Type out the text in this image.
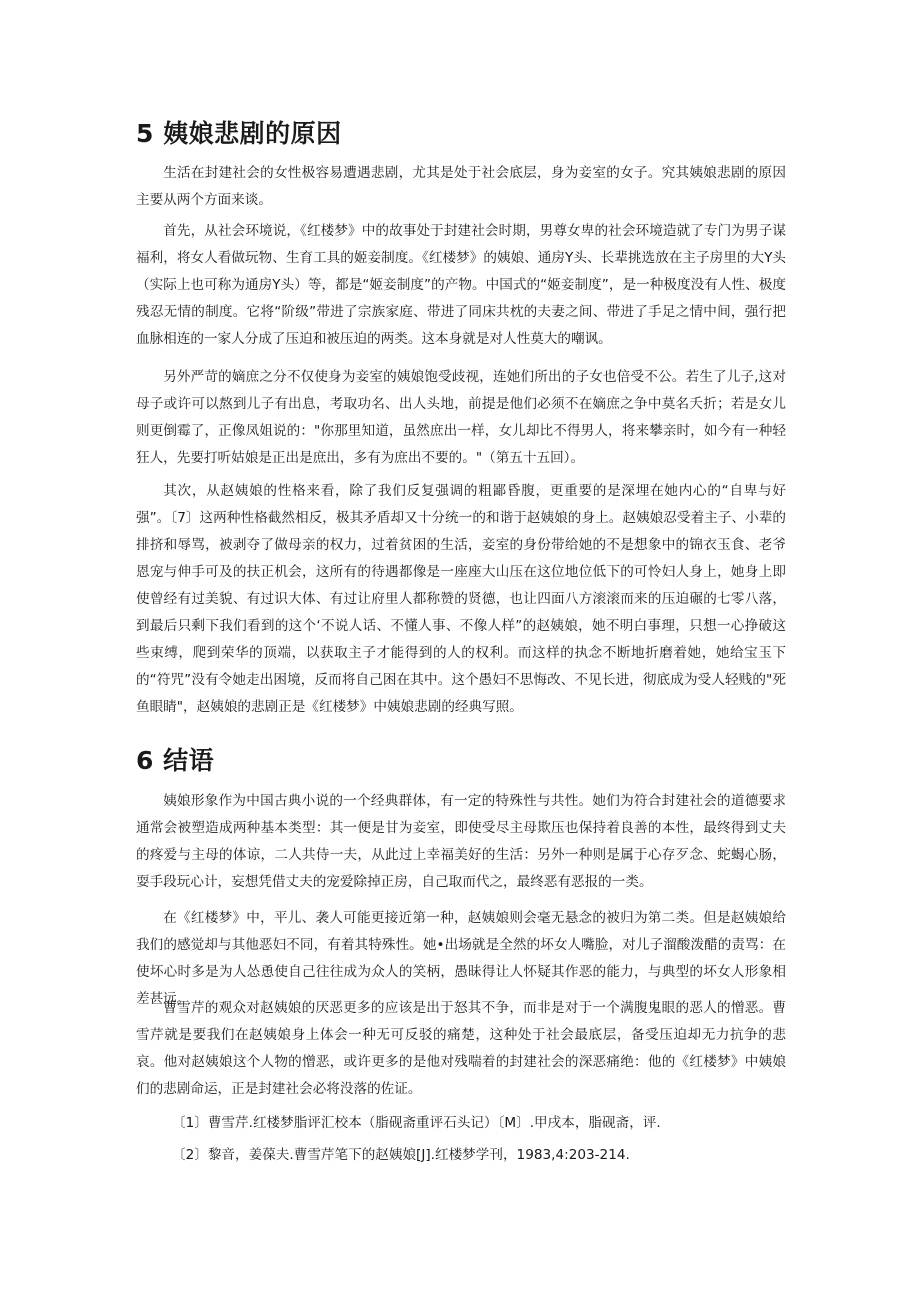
5 姨娘悲剧的原因

生活在封建社会的女性极容易遭遇悲剧，尤其是处于社会底层，身为妾室的女子。究其姨娘悲剧的原因主要从两个方面来谈。

首先，从社会环境说，《红楼梦》中的故事处于封建社会时期，男尊女卑的社会环境造就了专门为男子谋福利，将女人看做玩物、生育工具的姬妾制度。《红楼梦》的姨娘、通房Y头、长辈挑选放在主子房里的大Y头（实际上也可称为通房Y头）等，都是“姬妾制度”的产物。中国式的“姬妾制度”，是一种极度没有人性、极度残忍无情的制度。它将“阶级”带进了宗族家庭、带进了同床共枕的夫妻之间、带进了手足之情中间，强行把血脉相连的一家人分成了压迫和被压迫的两类。这本身就是对人性莫大的嘲讽。

另外严苛的嫡庶之分不仅使身为妾室的姨娘饱受歧视，连她们所出的子女也倍受不公。若生了儿子,这对母子或许可以熬到儿子有出息，考取功名、出人头地，前提是他们必须不在嫡庶之争中莫名夭折；若是女儿则更倒霉了，正像凤姐说的："你那里知道，虽然庶出一样，女儿却比不得男人，将来攀亲时，如今有一种轻狂人，先要打听姑娘是正出是庶出，多有为庶出不要的。"（第五十五回）。

其次，从赵姨娘的性格来看，除了我们反复强调的粗鄙昏腹，更重要的是深埋在她内心的“自卑与好强”。〔7〕这两种性格截然相反，极其矛盾却又十分统一的和谐于赵姨娘的身上。赵姨娘忍受着主子、小辈的排挤和辱骂，被剥夺了做母亲的权力，过着贫困的生活，妾室的身份带给她的不是想象中的锦衣玉食、老爷恩宠与伸手可及的扶正机会，这所有的待遇都像是一座座大山压在这位地位低下的可怜妇人身上，她身上即使曾经有过美貌、有过识大体、有过让府里人都称赞的贤德，也让四面八方滚滚而来的压迫碾的七零八落，到最后只剩下我们看到的这个‘不说人话、不懂人事、不像人样”的赵姨娘，她不明白事理，只想一心挣破这些束缚，爬到荣华的顶端，以获取主子才能得到的人的权利。而这样的执念不断地折磨着她，她给宝玉下的“符咒”没有令她走出困境，反而将自己困在其中。这个愚妇不思悔改、不见长进，彻底成为受人轻贱的"死鱼眼睛"，赵姨娘的悲剧正是《红楼梦》中姨娘悲剧的经典写照。

6 结语

姨娘形象作为中国古典小说的一个经典群体，有一定的特殊性与共性。她们为符合封建社会的道德要求通常会被塑造成两种基本类型：其一便是甘为妾室，即使受尽主母欺压也保持着良善的本性，最终得到丈夫的疼爱与主母的体谅，二人共侍一夫，从此过上幸福美好的生活：另外一种则是属于心存歹念、蛇蝎心肠，耍手段玩心计，妄想凭借丈夫的宠爱除掉正房，自己取而代之，最终恶有恶报的一类。

在《红楼梦》中，平儿、袭人可能更接近第一种，赵姨娘则会毫无悬念的被归为第二类。但是赵姨娘给我们的感觉却与其他恶妇不同，有着其特殊性。她•出场就是全然的坏女人嘴脸，对儿子溜酸泼醋的责骂：在使坏心时多是为人怂恿使自己往往成为众人的笑柄，愚昧得让人怀疑其作恶的能力，与典型的坏女人形象相差甚远。

曹雪芹的观众对赵姨娘的厌恶更多的应该是出于怒其不争，而非是对于一个满腹鬼眼的恶人的憎恶。曹雪芹就是要我们在赵姨娘身上体会一种无可反驳的痛楚，这种处于社会最底层，备受压迫却无力抗争的悲哀。他对赵姨娘这个人物的憎恶，或许更多的是他对残喘着的封建社会的深恶痛绝：他的《红楼梦》中姨娘们的悲剧命运，正是封建社会必将没落的佐证。

〔1〕曹雪芹.红楼梦脂评汇校本（脂砚斋重评石头记）〔M〕.甲戌本，脂砚斋，评.

〔2〕黎音，姜葆夫.曹雪芹笔下的赵姨娘[J].红楼梦学刊，1983,4:203-214.
